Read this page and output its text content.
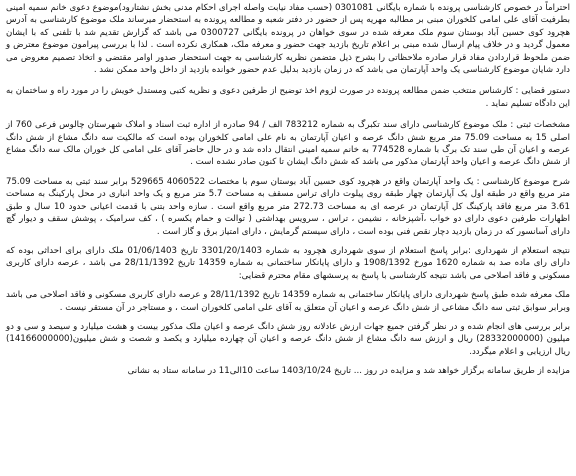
احتراماً در خصوص کارشناسی پرونده با شماره بایگانی 0301081 (حسب مفاد نیابت واصله اجرای احکام مدنی بخش نشتارود)موضوع دعوی خانم سمیه امینی بطرفیت آقای علی امامی کلخوران مبنی بر مطالبه مهریه پس از حضور در دفتر شعبه و مطالعه پرونده به استحضار میرساند ملک موضوع کارشناسی به آدرس هچرود کوی حسین آباد بوستان سوم ملک معرفه شده در سوی خواهان در پرونده بایگانی 0300727 می باشد که گزارش تقدیم شد با تلفنی که با ایشان معمول گردید و در خلاف پیام ارسال شده مبنی بر اعلام تاریخ بازدید جهت حضور و معرفه ملک، همکاری نکرده است . لذا با بررسی پیرامون موضوع معترض و ضمن ملحوظ قراردادن مفاد قرار صادره ملاحظاتی را بشرح ذیل متضمن نظریه کارشناسی به جهت استحضار صدور اوامر مقتضی و اتخاذ تصمیم معروض می دارد شایان موضوع کارشناسی یک واحد آپارتمان می باشد که در زمان بازدید بدلیل عدم حضور خوانده بازدید از داخل واحد ممکن نشد .

دستور قضایی : کارشناس منتخب ضمن مطالعه پرونده در صورت لزوم اخذ توضیح از طرفین دعوی و نظریه کتبی ومستدل خویش را در مورد راه و ساختمان به این دادگاه تسلیم نماید .

مشخصات ثبتی : ملک موضوع کارشناسی دارای سند تکبرگ به شماره 783212 الف / 94 صادره از اداره ثبت اسناد و املاک شهرستان چالوس فرعی 760 از اصلی 15 به مساحت 75.09 متر مربع شش دانگ عرصه و اعیان آپارتمان به نام علی امامی کلخوران بوده است که مالکیت سه دانگ مشاع از شش دانگ عرصه و اعیان آن طی سند تک برگ با شماره 774528 به خانم سمیه امینی انتقال داده شد و در حال حاضر آقای علی امامی کل خوران مالک سه دانگ مشاع از شش دانگ عرصه و اعیان واحد آپارتمان مذکور می باشد که شش دانگ ایشان تا کنون صادر نشده است .

شرح موضوع کارشناسی : یک واحد آپارتمان واقع در هچرود کوی حسین آباد بوستان سوم با مختصات 4060522 529665 برابر سند ثبتی به مساحت 75.09 متر مربع واقع در طبقه اول یک آپارتمان چهار طبقه روی پیلوت دارای تراس مسقف به مساحت 5.7 متر مربع و یک واحد انباری در محل پارکینگ به مساحت 3.61 متر مربع فاقد پارکینگ کل آپارتمان در عرصه ای به مساحت 272.73 متر مربع واقع است . سازه واحد بتنی با قدمت اعیانی حدود 10 سال و طبق اظهارات طرفین دعوی دارای دو خواب ،آشپزخانه ، نشیمن ، تراس ، سرویس بهداشتی ( توالت و حمام یکسره ) ، کف سرامیک ، پوشش سقف و دیوار گچ دارای آسانسور که در زمان بازدید دچار نقص فنی بوده است ، دارای سیستم گرمایش ، دارای امتیاز برق و گاز است .

نتیجه استعلام از شهرداری :برابر پاسخ استعلام از سوی شهرداری هچرود به شماره 3301/20/1403 تاریخ 01/06/1403 ملک دارای برای احداثی بوده که دارای رای ماده صد به شماره 1620 مورخ 1908/1392 و دارای پایانکار ساختمانی به شماره 14359 تاریخ 28/11/1392 می باشد ، عرصه دارای کاربری مسکونی و فاقد اصلاحی می باشد نتیجه کارشناسی با پاسخ به پرسشهای مقام محترم قضایی:

ملک معرفه شده طبق پاسخ شهرداری دارای پایانکار ساختمانی به شماره 14359 تاریخ 28/11/1392 و عرصه دارای کاربری مسکونی و فاقد اصلاحی می باشد وبرابر سوابق ثبتی سه دانگ مشاعی از شش دانگ عرصه و اعیان آن متعلق به آقای علی امامی کلخوران است ، و مستاجر در آن مستقر نیست .

برابر بررسی های انجام شده و در نظر گرفتن جمیع جهات ارزش عادلانه روز شش دانگ عرصه و اعیان ملک مذکور بیست و هشت میلیارد و سیصد و سی و دو میلیون (28332000000) ریال و ارزش سه دانگ مشاع از شش دانگ عرصه و اعیان آن چهارده میلیارد و یکصد و شصت و شش میلیون(14166000000) ریال ارزیابی و اعلام میگردد.

مزایده از طریق سامانه برگزار خواهد شد و مزایده در روز ... تاریخ 1403/10/24 ساعت 10الی11 در سامانه ستاد به نشانی
